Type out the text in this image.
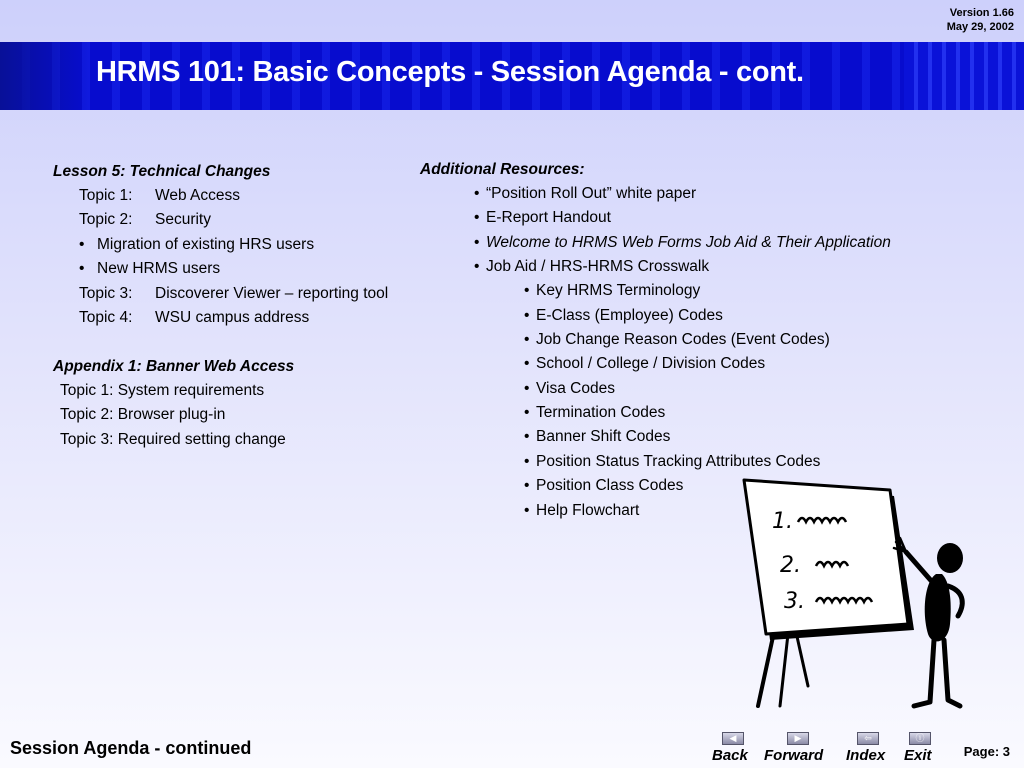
Version 1.66
May 29, 2002
HRMS 101: Basic Concepts - Session Agenda - cont.
Lesson 5: Technical Changes
Topic 1: Web Access
Topic 2: Security
• Migration of existing HRS users
• New HRMS users
Topic 3: Discoverer Viewer – reporting tool
Topic 4: WSU campus address
Appendix 1: Banner Web Access
Topic 1: System requirements
Topic 2: Browser plug-in
Topic 3: Required setting change
Additional Resources:
• “Position Roll Out” white paper
• E-Report Handout
• Welcome to HRMS Web Forms Job Aid & Their Application
• Job Aid / HRS-HRMS Crosswalk
• Key HRMS Terminology
• E-Class (Employee) Codes
• Job Change Reason Codes (Event Codes)
• School / College / Division Codes
• Visa Codes
• Termination Codes
• Banner Shift Codes
• Position Status Tracking Attributes Codes
• Position Class Codes
• Help Flowchart	1.
2.
3.
Session Agenda - continued	◀
Back
▶
Forward
⇦
Index
ⓘ
Exit Page: 3
